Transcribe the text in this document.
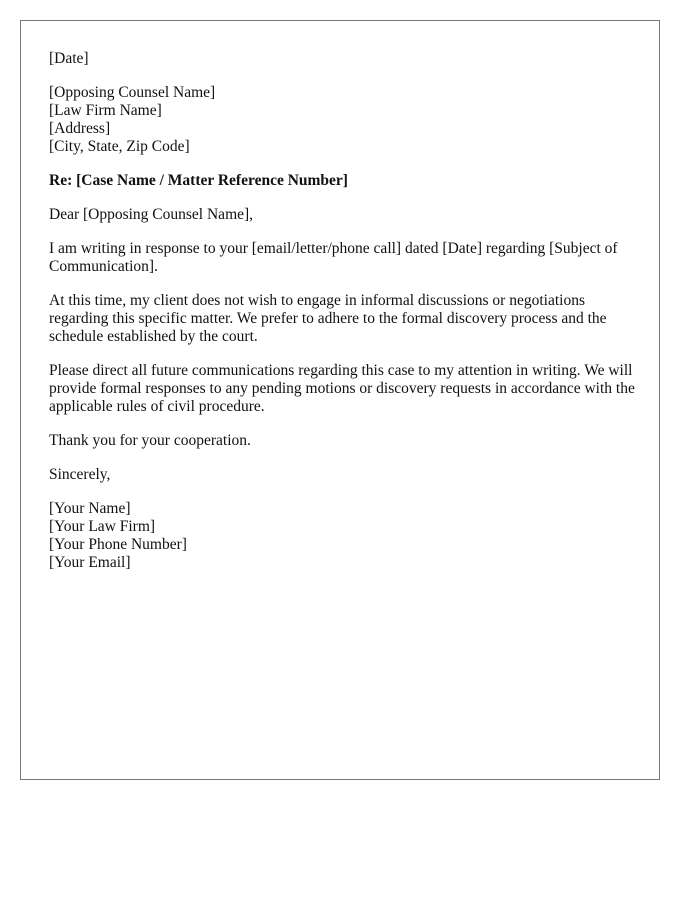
[Date]
[Opposing Counsel Name]
[Law Firm Name]
[Address]
[City, State, Zip Code]
Re: [Case Name / Matter Reference Number]
Dear [Opposing Counsel Name],

I am writing in response to your [email/letter/phone call] dated [Date] regarding [Subject of Communication].

At this time, my client does not wish to engage in informal discussions or negotiations regarding this specific matter. We prefer to adhere to the formal discovery process and the schedule established by the court.

Please direct all future communications regarding this case to my attention in writing. We will provide formal responses to any pending motions or discovery requests in accordance with the applicable rules of civil procedure.

Thank you for your cooperation.

Sincerely,
[Your Name]
[Your Law Firm]
[Your Phone Number]
[Your Email]
